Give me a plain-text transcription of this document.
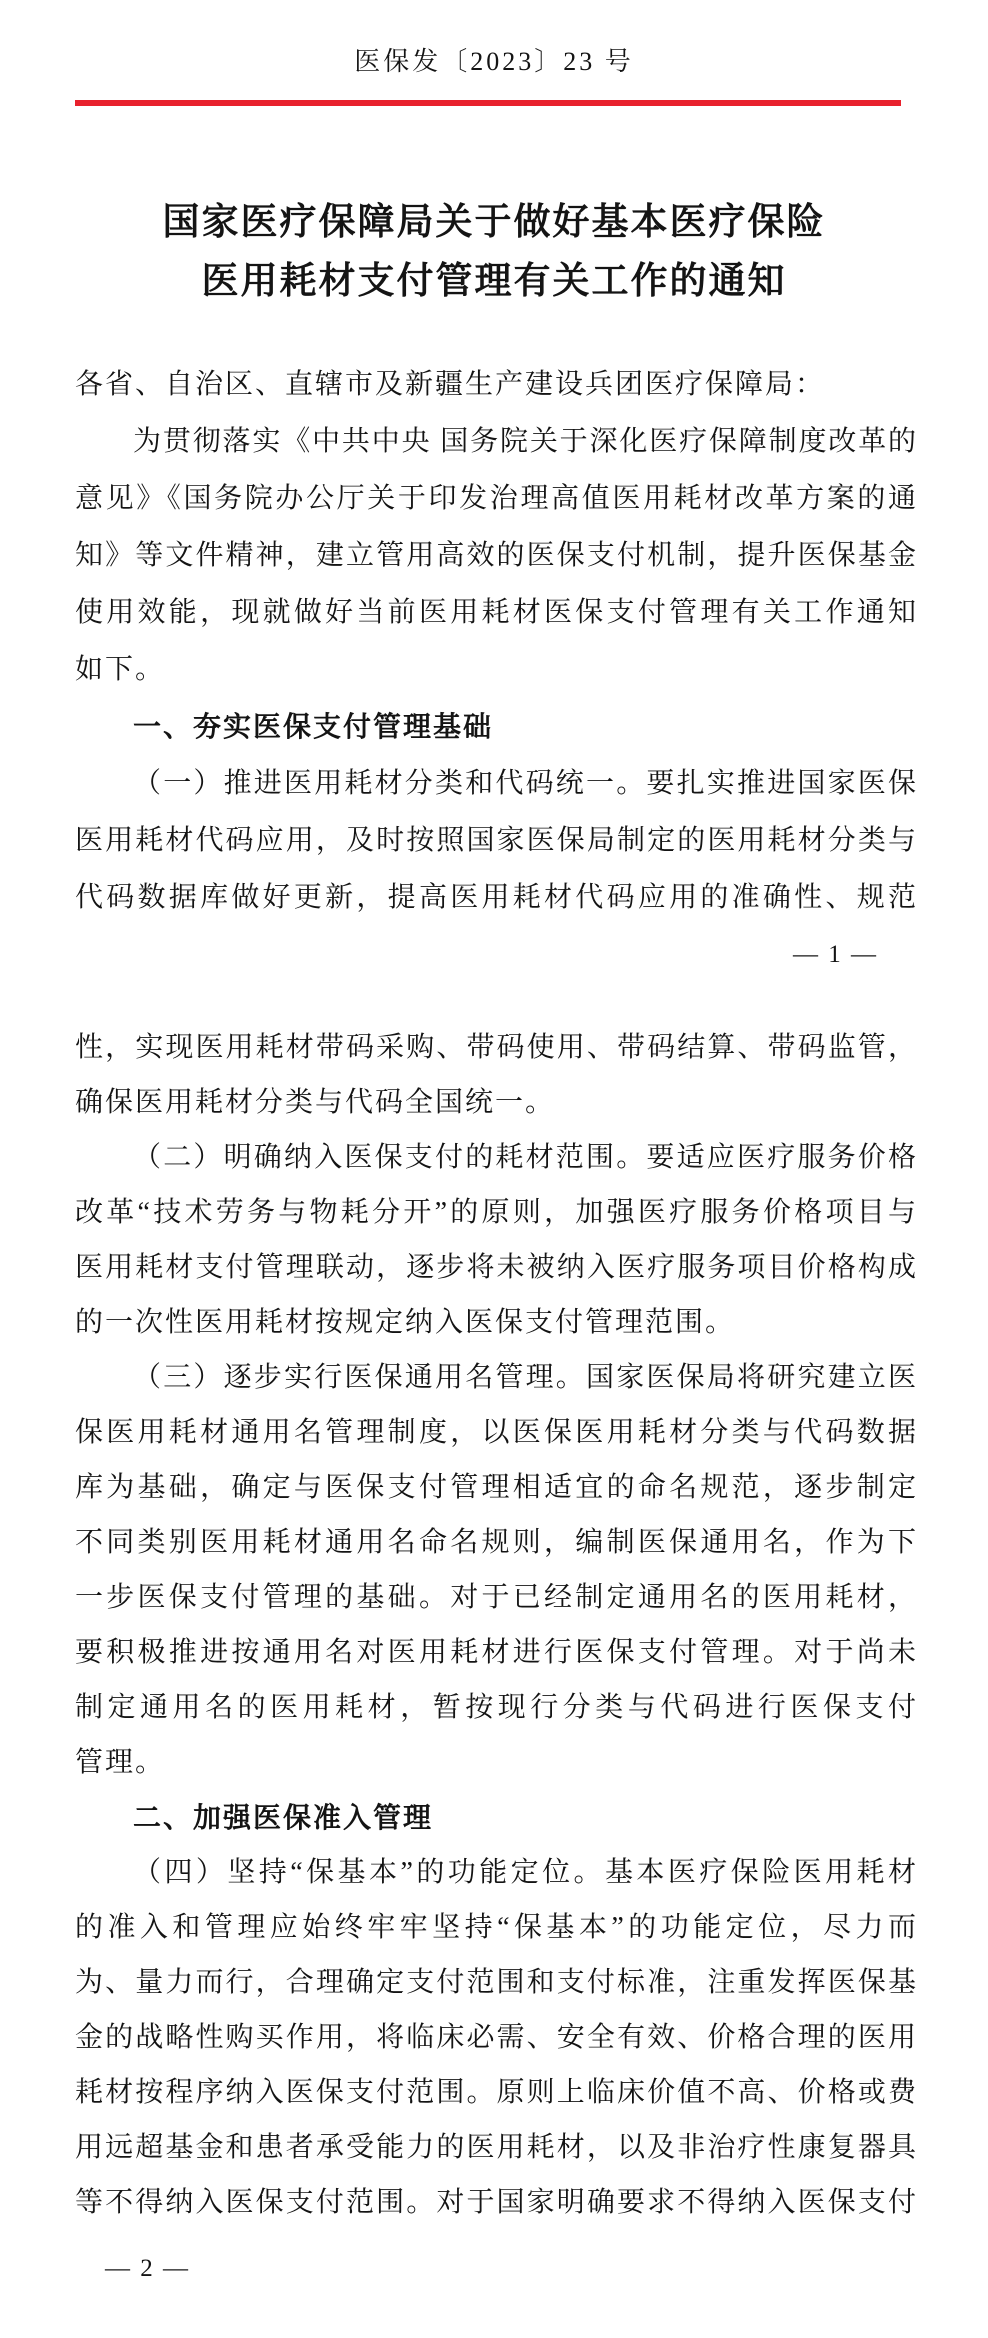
医保发〔2023〕23 号
国家医疗保障局关于做好基本医疗保险
医用耗材支付管理有关工作的通知
各省、自治区、直辖市及新疆生产建设兵团医疗保障局：
为贯彻落实《中共中央 国务院关于深化医疗保障制度改革的
意见》《国务院办公厅关于印发治理高值医用耗材改革方案的通
知》等文件精神，建立管用高效的医保支付机制，提升医保基金
使用效能，现就做好当前医用耗材医保支付管理有关工作通知
如下。
一、夯实医保支付管理基础
（一）推进医用耗材分类和代码统一。要扎实推进国家医保
医用耗材代码应用，及时按照国家医保局制定的医用耗材分类与
代码数据库做好更新，提高医用耗材代码应用的准确性、规范
— 1 —
性，实现医用耗材带码采购、带码使用、带码结算、带码监管，
确保医用耗材分类与代码全国统一。
（二）明确纳入医保支付的耗材范围。要适应医疗服务价格
改革“技术劳务与物耗分开”的原则，加强医疗服务价格项目与
医用耗材支付管理联动，逐步将未被纳入医疗服务项目价格构成
的一次性医用耗材按规定纳入医保支付管理范围。
（三）逐步实行医保通用名管理。国家医保局将研究建立医
保医用耗材通用名管理制度，以医保医用耗材分类与代码数据
库为基础，确定与医保支付管理相适宜的命名规范，逐步制定
不同类别医用耗材通用名命名规则，编制医保通用名，作为下
一步医保支付管理的基础。对于已经制定通用名的医用耗材，
要积极推进按通用名对医用耗材进行医保支付管理。对于尚未
制定通用名的医用耗材，暂按现行分类与代码进行医保支付
管理。
二、加强医保准入管理
（四）坚持“保基本”的功能定位。基本医疗保险医用耗材
的准入和管理应始终牢牢坚持“保基本”的功能定位，尽力而
为、量力而行，合理确定支付范围和支付标准，注重发挥医保基
金的战略性购买作用，将临床必需、安全有效、价格合理的医用
耗材按程序纳入医保支付范围。原则上临床价值不高、价格或费
用远超基金和患者承受能力的医用耗材，以及非治疗性康复器具
等不得纳入医保支付范围。对于国家明确要求不得纳入医保支付
— 2 —
